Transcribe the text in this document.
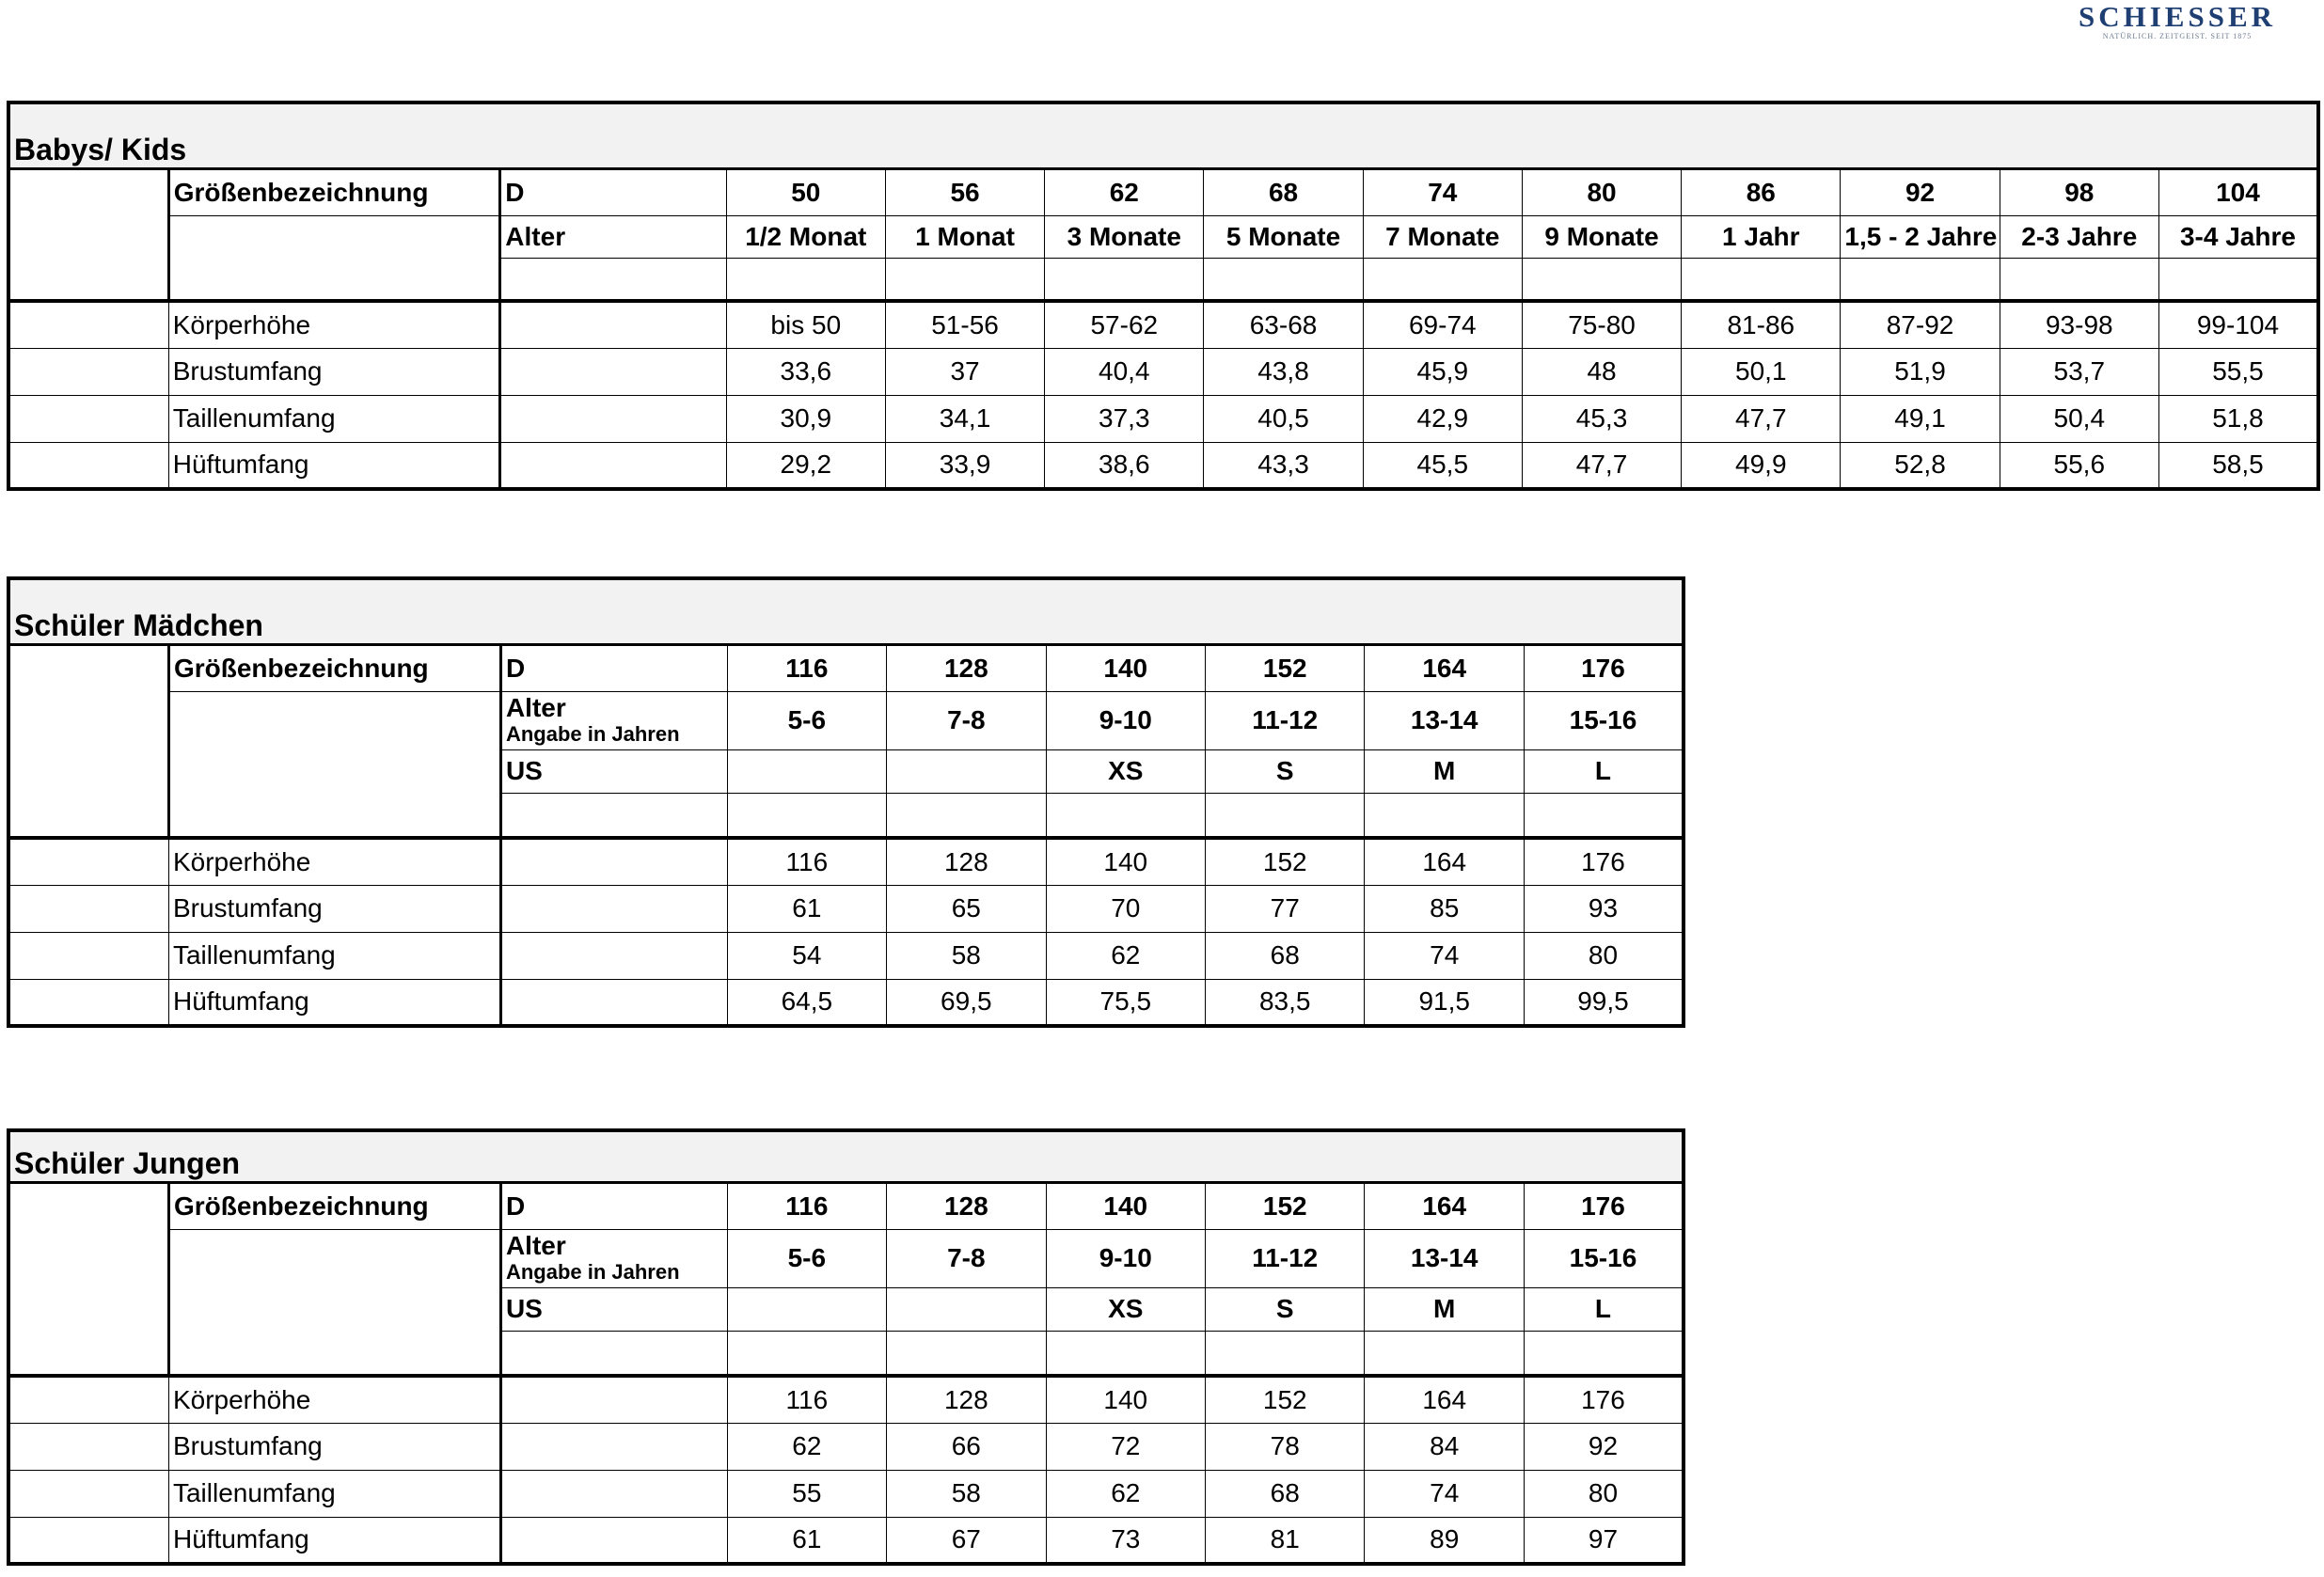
SCHIESSER
NATÜRLICH. ZEITGEIST. SEIT 1875
Babys/ Kids												
	Größenbezeichnung	D	50	56	62	68	74	80	86	92	98	104

		Alter	1/2 Monat	1 Monat	3 Monate	5 Monate	7 Monate	9 Monate	1 Jahr	1,5 - 2 Jahre	2-3 Jahre	3-4 Jahre

	Körperhöhe		bis 50	51-56	57-62	63-68	69-74	75-80	81-86	87-92	93-98	99-104
	Brustumfang		33,6	37	40,4	43,8	45,9	48	50,1	51,9	53,7	55,5
	Taillenumfang		30,9	34,1	37,3	40,5	42,9	45,3	47,7	49,1	50,4	51,8
	Hüftumfang		29,2	33,9	38,6	43,3	45,5	47,7	49,9	52,8	55,6	58,5
Schüler Mädchen								
	Größenbezeichnung	D	116	128	140	152	164	176

		Alter
Angabe in Jahren	5-6	7-8	9-10	11-12	13-14	15-16
		US			XS	S	M	L

	Körperhöhe		116	128	140	152	164	176
	Brustumfang		61	65	70	77	85	93
	Taillenumfang		54	58	62	68	74	80
	Hüftumfang		64,5	69,5	75,5	83,5	91,5	99,5
Schüler Jungen								
	Größenbezeichnung	D	116	128	140	152	164	176

		Alter
Angabe in Jahren	5-6	7-8	9-10	11-12	13-14	15-16
		US			XS	S	M	L

	Körperhöhe		116	128	140	152	164	176
	Brustumfang		62	66	72	78	84	92
	Taillenumfang		55	58	62	68	74	80
	Hüftumfang		61	67	73	81	89	97
